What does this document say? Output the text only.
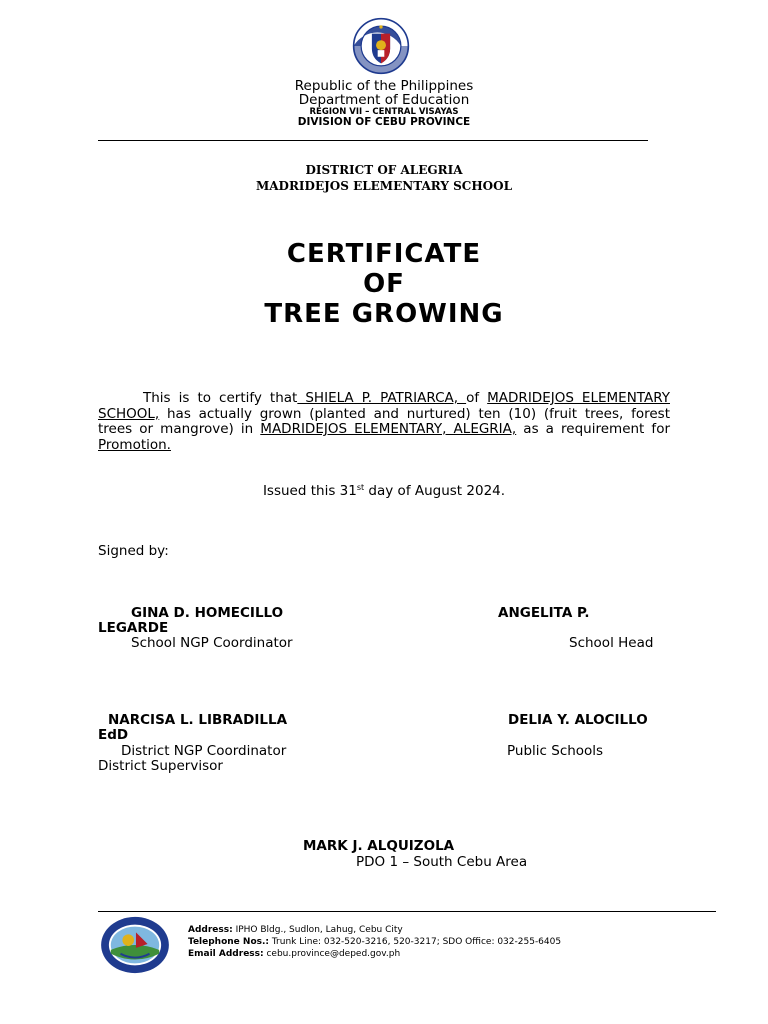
Republic of the Philippines
Department of Education
REGION VII – CENTRAL VISAYAS
DIVISION OF CEBU PROVINCE
DISTRICT OF ALEGRIA
MADRIDEJOS ELEMENTARY SCHOOL
CERTIFICATE
OF
TREE GROWING
This is to certify that SHIELA P. PATRIARCA, of MADRIDEJOS ELEMENTARY SCHOOL, has actually grown (planted and nurtured) ten (10) (fruit trees, forest trees or mangrove) in MADRIDEJOS ELEMENTARY, ALEGRIA, as a requirement for Promotion.
Issued this 31st day of August 2024.
Signed by:
GINA D. HOMECILLO
School NGP Coordinator
ANGELITA P.
LEGARDE
School Head
NARCISA L. LIBRADILLA
District NGP Coordinator
DELIA Y. ALOCILLO
EdD
Public Schools
District Supervisor
MARK J. ALQUIZOLA
PDO 1 – South Cebu Area
Address: IPHO Bldg., Sudlon, Lahug, Cebu City
Telephone Nos.: Trunk Line: 032-520-3216, 520-3217; SDO Office: 032-255-6405
Email Address: cebu.province@deped.gov.ph
